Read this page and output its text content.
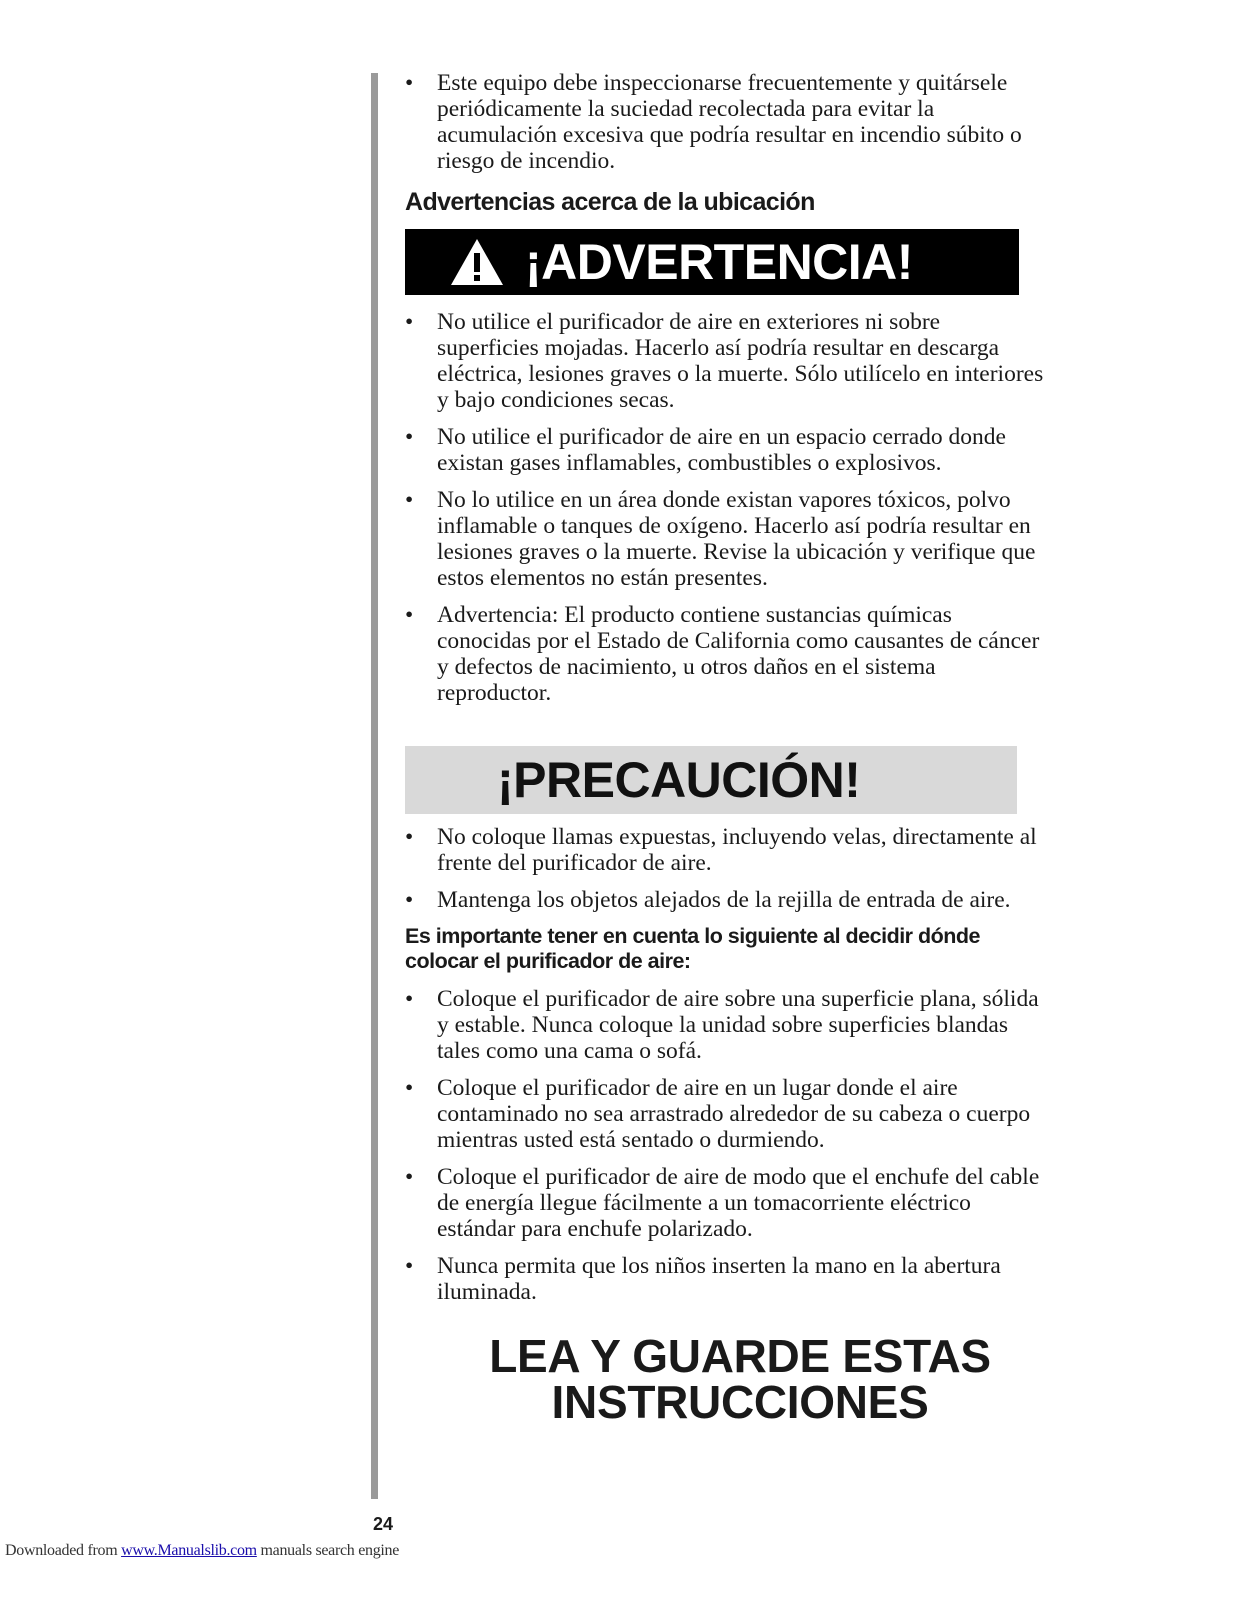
•	Este equipo debe inspeccionarse frecuentemente y quitársele periódicamente la suciedad recolectada para evitar la acumulación excesiva que podría resultar en incendio súbito o riesgo de incendio.
Advertencias acerca de la ubicación
¡ADVERTENCIA!
•	No utilice el purificador de aire en exteriores ni sobre superficies mojadas. Hacerlo así podría resultar en descarga eléctrica, lesiones graves o la muerte. Sólo utilícelo en interiores y bajo condiciones secas.
•	No utilice el purificador de aire en un espacio cerrado donde existan gases inflamables, combustibles o explosivos.
•	No lo utilice en un área donde existan vapores tóxicos, polvo inflamable o tanques de oxígeno. Hacerlo así podría resultar en lesiones graves o la muerte. Revise la ubicación y verifique que estos elementos no están presentes.
•	Advertencia: El producto contiene sustancias químicas conocidas por el Estado de California como causantes de cáncer y defectos de nacimiento, u otros daños en el sistema reproductor.
¡PRECAUCIÓN!
•	No coloque llamas expuestas, incluyendo velas, directamente al frente del purificador de aire.
•	Mantenga los objetos alejados de la rejilla de entrada de aire.
Es importante tener en cuenta lo siguiente al decidir dónde colocar el purificador de aire:
•	Coloque el purificador de aire sobre una superficie plana, sólida y estable. Nunca coloque la unidad sobre superficies blandas tales como una cama o sofá.
•	Coloque el purificador de aire en un lugar donde el aire contaminado no sea arrastrado alrededor de su cabeza o cuerpo mientras usted está sentado o durmiendo.
•	Coloque el purificador de aire de modo que el enchufe del cable de energía llegue fácilmente a un tomacorriente eléctrico estándar para enchufe polarizado.
•	Nunca permita que los niños inserten la mano en la abertura iluminada.
LEA Y GUARDE ESTAS
INSTRUCCIONES
24
Downloaded from www.Manualslib.com manuals search engine
